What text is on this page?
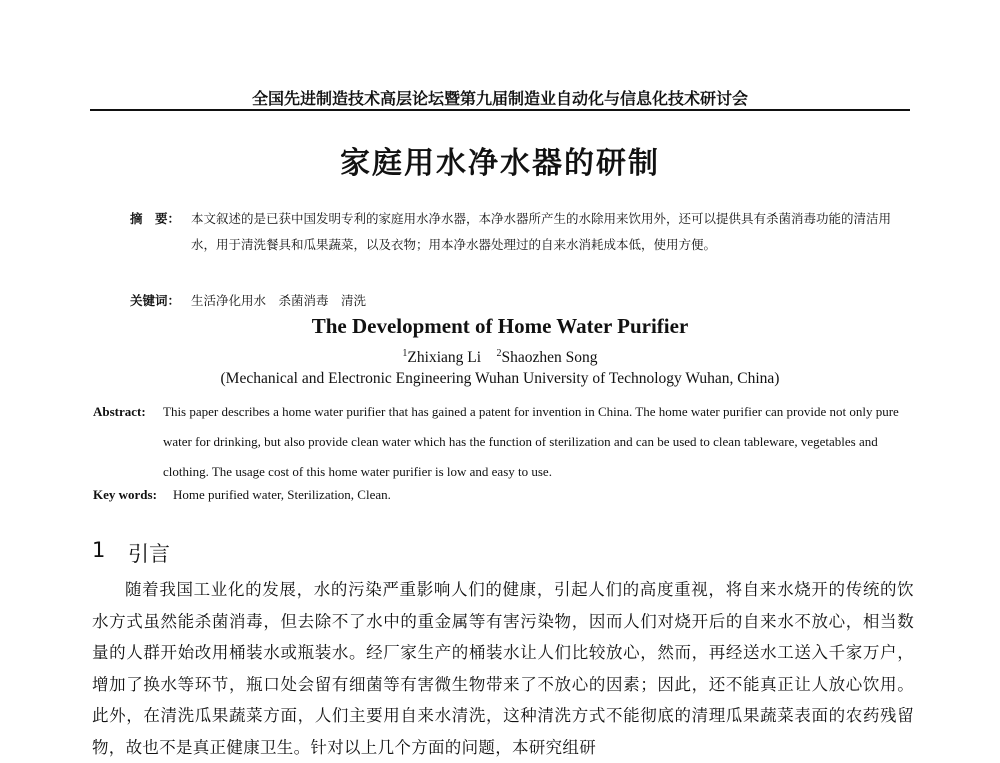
全国先进制造技术高层论坛暨第九届制造业自动化与信息化技术研讨会
家庭用水净水器的研制
摘　要： 本文叙述的是已获中国发明专利的家庭用水净水器，本净水器所产生的水除用来饮用外，还可以提供具有杀菌消毒功能的清洁用水，用于清洗餐具和瓜果蔬菜，以及衣物；用本净水器处理过的自来水消耗成本低，使用方便。
关键词： 生活净化用水　杀菌消毒　清洗
The Development of Home Water Purifier
$^1$Zhixiang Li $^2$Shaozhen Song
(Mechanical and Electronic Engineering Wuhan University of Technology Wuhan, China)
Abstract: This paper describes a home water purifier that has gained a patent for invention in China. The home water purifier can provide not only pure water for drinking, but also provide clean water which has the function of sterilization and can be used to clean tableware, vegetables and clothing. The usage cost of this home water purifier is low and easy to use.
Key words: Home purified water, Sterilization, Clean.
1 引言
随着我国工业化的发展，水的污染严重影响人们的健康，引起人们的高度重视，将自来水烧开的传统的饮水方式虽然能杀菌消毒，但去除不了水中的重金属等有害污染物，因而人们对烧开后的自来水不放心，相当数量的人群开始改用桶装水或瓶装水。经厂家生产的桶装水让人们比较放心，然而，再经送水工送入千家万户，增加了换水等环节，瓶口处会留有细菌等有害微生物带来了不放心的因素；因此，还不能真正让人放心饮用。此外，在清洗瓜果蔬菜方面，人们主要用自来水清洗，这种清洗方式不能彻底的清理瓜果蔬菜表面的农药残留物，故也不是真正健康卫生。针对以上几个方面的问题，本研究组研
